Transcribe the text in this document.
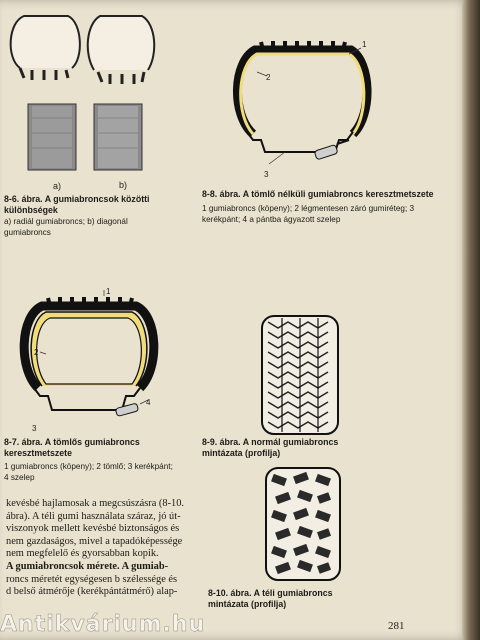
a)	b)
8-6. ábra. A gumiabroncsok közötti különbségek
a) radiál gumiabroncs; b) diagonál gumiabroncs
1
2
3
8-8. ábra. A tömlő nélküli gumiabroncs keresztmetszete
1 gumiabroncs (köpeny); 2 légmentesen záró gumiréteg; 3 kerékpánt; 4 a pántba ágyazott szelep
1
2
3
4
8-7. ábra. A tömlős gumiabroncs keresztmetszete
1 gumiabroncs (köpeny); 2 tömlő; 3 kerékpánt; 4 szelep
8-9. ábra. A normál gumiabroncs mintázata (profilja)
8-10. ábra. A téli gumiabroncs mintázata (profilja)
kevésbé hajlamosak a megcsúszásra (8-10.
ábra). A téli gumi használata száraz, jó út-
viszonyok mellett kevésbé biztonságos és
nem gazdaságos, mivel a tapadóképessége
nem megfelelő és gyorsabban kopik.
A gumiabroncsok mérete. A gumiab-
roncs méretét egységesen b szélessége és
d belső átmérője (kerékpántátmérő) alap-
281
Antikvárium.hu
